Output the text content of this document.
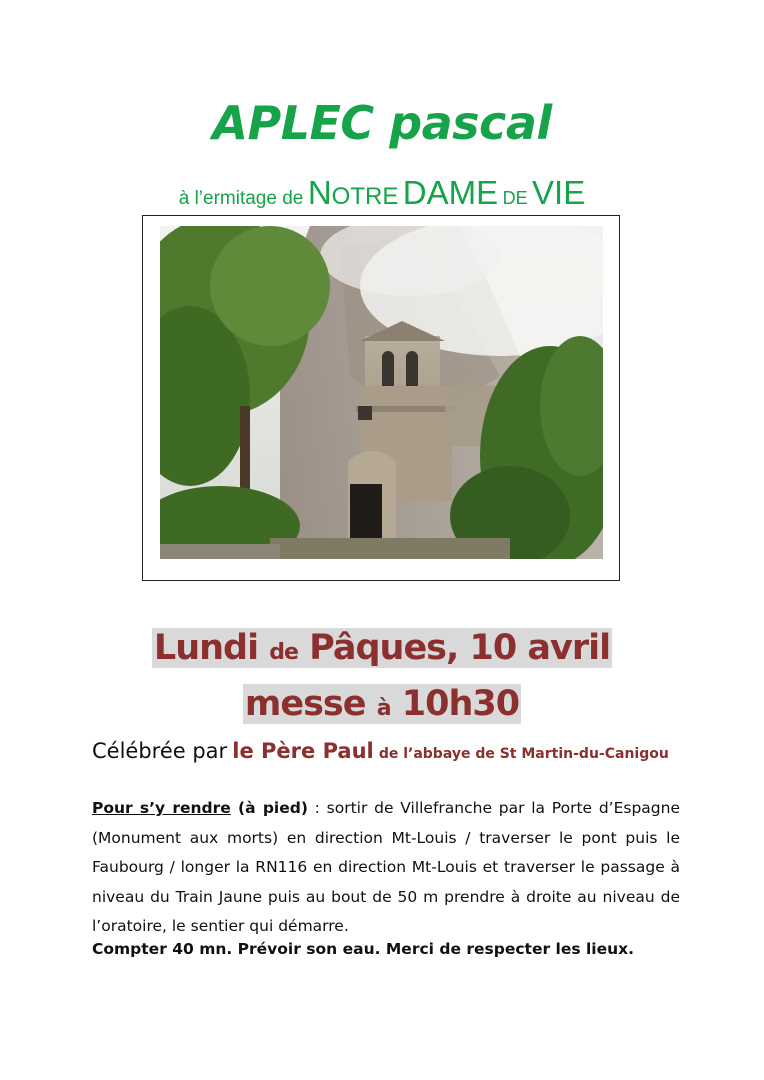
APLEC pascal
à l’ermitage de NOTRE DAME DE VIE
Lundi de Pâques, 10 avril
messe à 10h30
Célébrée par le Père Paul de l’abbaye de St Martin-du-Canigou
Pour s’y rendre (à pied) : sortir de Villefranche par la Porte d’Espagne (Monument aux morts) en direction Mt-Louis / traverser le pont puis le Faubourg / longer la RN116 en direction Mt-Louis et traverser le passage à niveau du Train Jaune puis au bout de 50 m prendre à droite au niveau de l’oratoire, le sentier qui démarre.
Compter 40 mn. Prévoir son eau. Merci de respecter les lieux.
